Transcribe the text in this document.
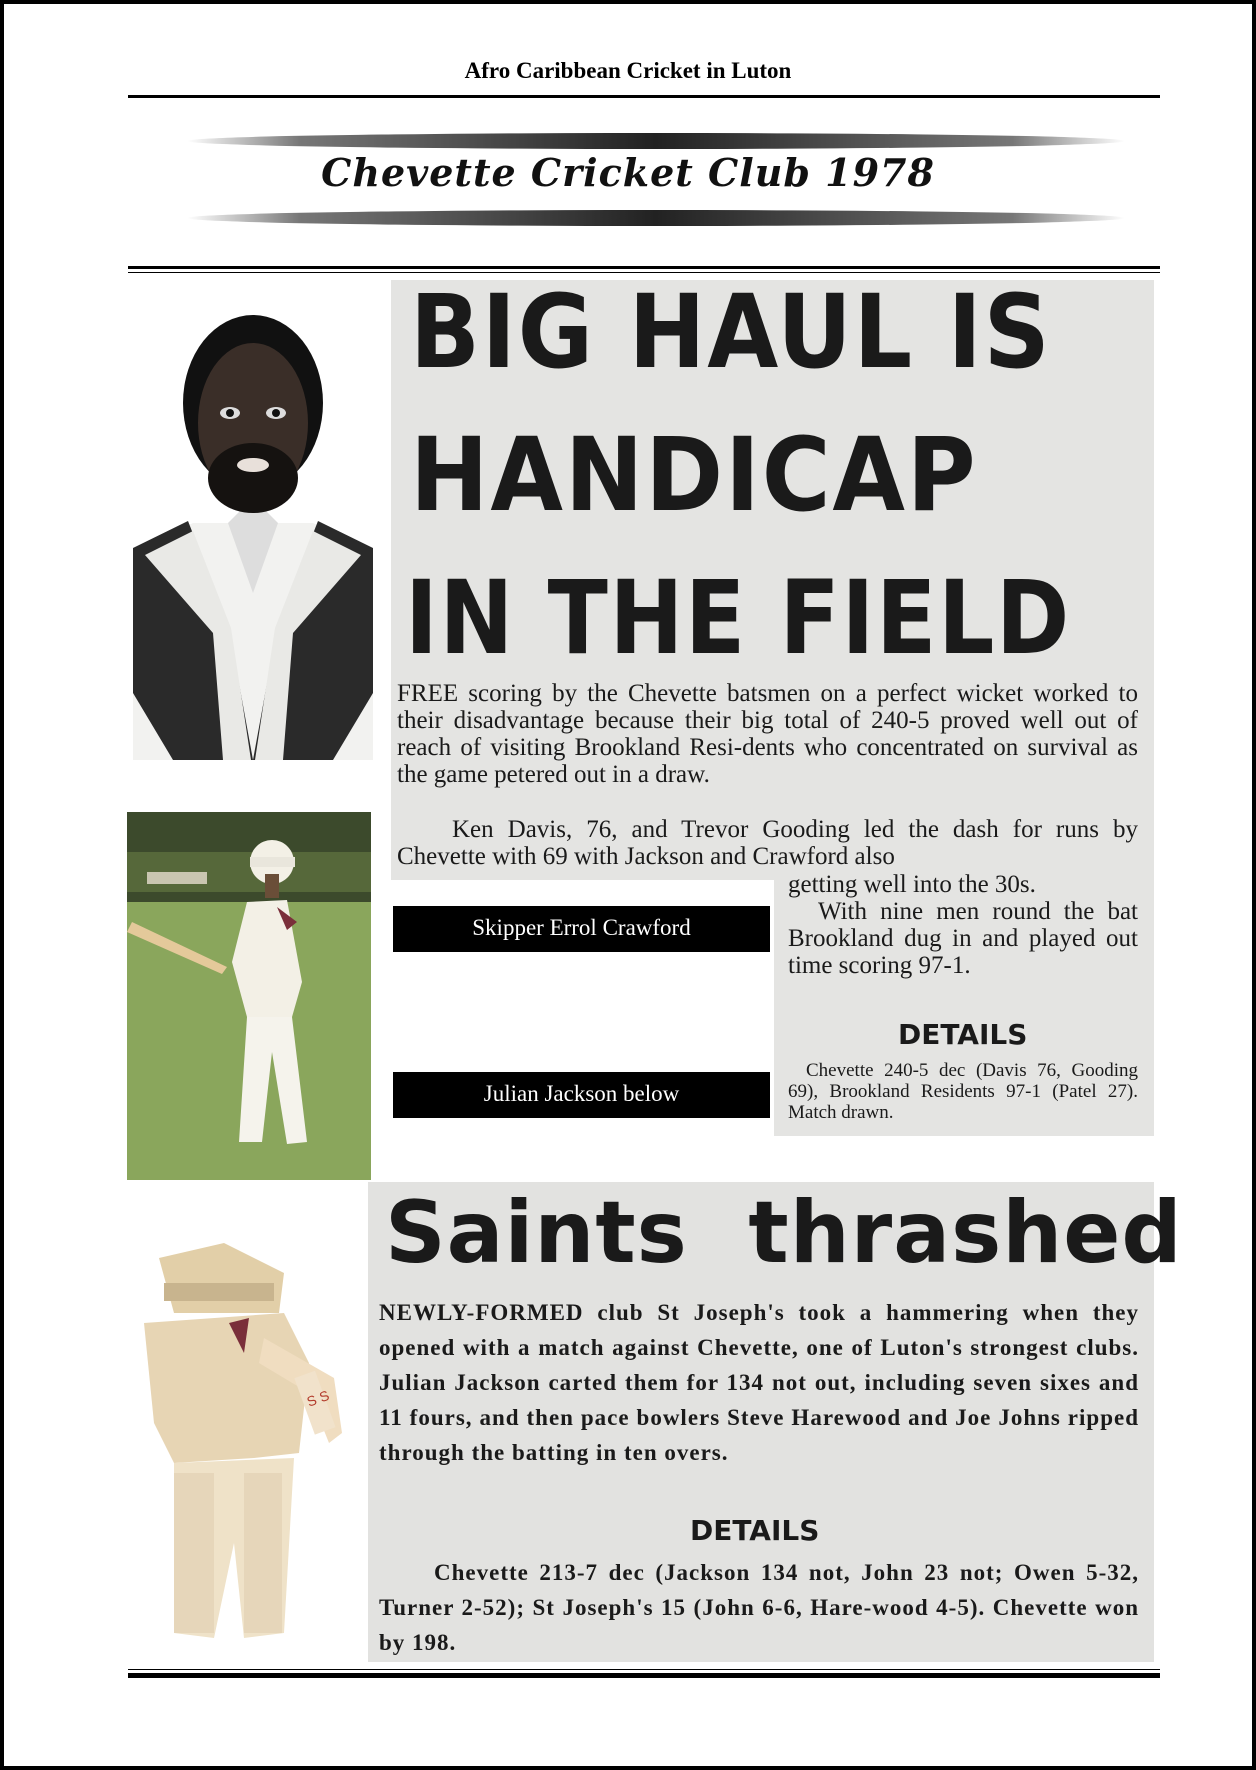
Afro Caribbean Cricket in Luton
Chevette Cricket Club 1978
S S
BIG HAUL IS
HANDICAP
IN THE FIELD
FREE scoring by the Chevette batsmen on a perfect wicket worked to their disadvantage because their big total of 240-5 proved well out of reach of visiting Brookland Resi-dents who concentrated on survival as the game petered out in a draw.
Ken Davis, 76, and Trevor Gooding led the dash for runs by Chevette with 69 with Jackson and Crawford also
getting well into the 30s.
With nine men round the bat Brookland dug in and played out time scoring 97-1.
DETAILS
Chevette 240-5 dec (Davis 76, Gooding 69), Brookland Residents 97-1 (Patel 27). Match drawn.
Skipper Errol Crawford
Julian Jackson below
Saints  thrashed
NEWLY-FORMED club St Joseph's took a hammering when they opened with a match against Chevette, one of Luton's strongest clubs. Julian Jackson carted them for 134 not out, including seven sixes and 11 fours, and then pace bowlers Steve Harewood and Joe Johns ripped through the batting in ten overs.
DETAILS
Chevette 213-7 dec (Jackson 134 not, John 23 not; Owen 5-32, Turner 2-52); St Joseph's 15 (John 6-6, Hare-wood 4-5). Chevette won by 198.
